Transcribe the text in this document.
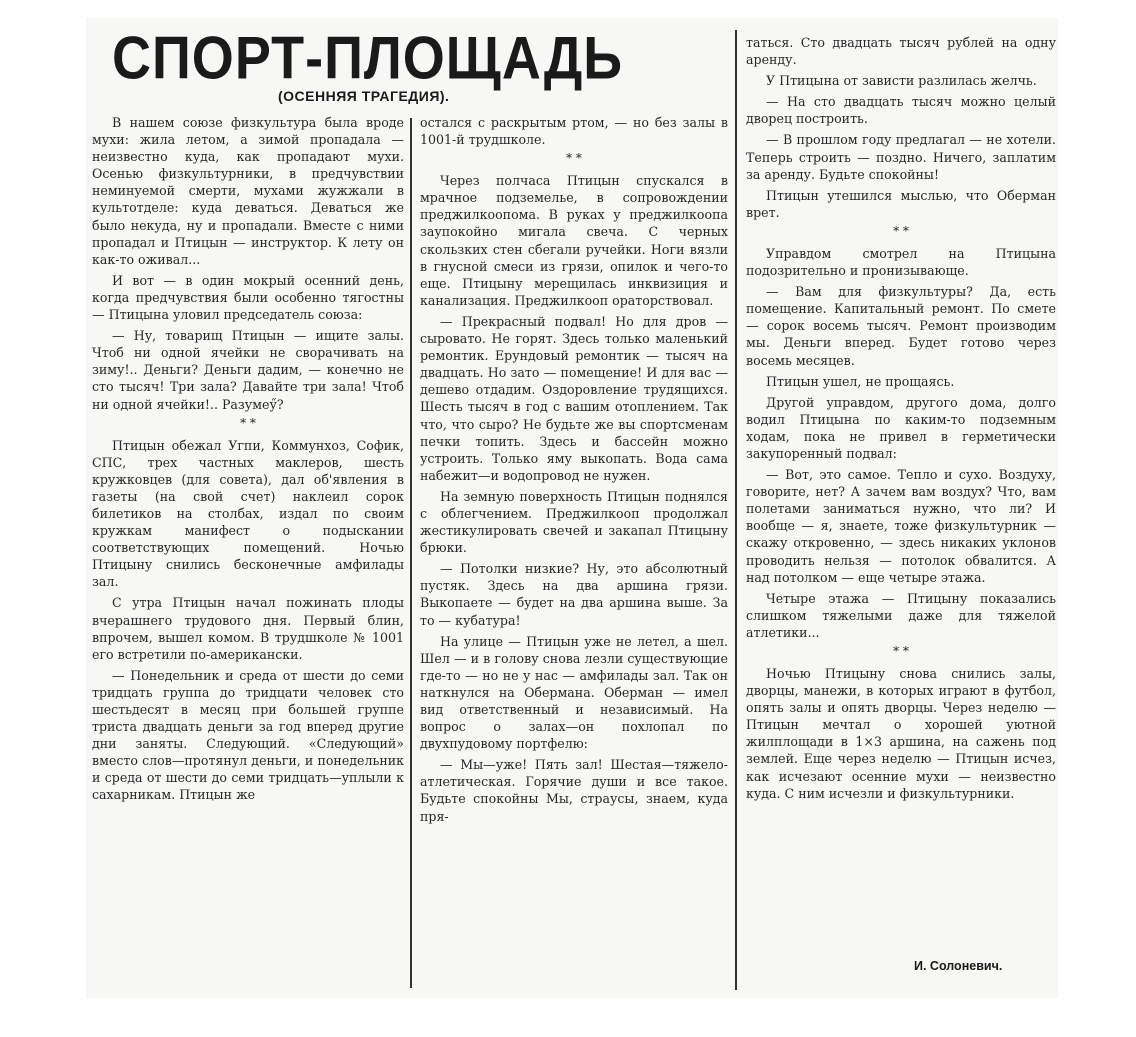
СПОРТ-ПЛОЩАДЬ
(ОСЕННЯЯ ТРАГЕДИЯ).

В нашем союзе физкультура была вроде мухи: жила летом, а зимой пропадала — неизвестно куда, как пропадают мухи. Осенью физкультурники, в предчувствии неминуемой смерти, мухами жужжали в культотделе: куда деваться. Деваться же было некуда, ну и пропадали. Вместе с ними пропадал и Птицын — инструктор. К лету он как-то оживал...

И вот — в один мокрый осенний день, когда предчувствия были особенно тягостны — Птицына уловил председатель союза:

— Ну, товарищ Птицын — ищите залы. Чтоб ни одной ячейки не сворачивать на зиму!.. Деньги? Деньги дадим, — конечно не сто тысяч! Три зала? Давайте три зала! Чтоб ни одной ячейки!.. Разумеӳ?

* *

Птицын обежал Угпи, Коммунхоз, Софик, СПС, трех частных маклеров, шесть кружковцев (для совета), дал об'явления в газеты (на свой счет) наклеил сорок билетиков на столбах, издал по своим кружкам манифест о подыскании соответствующих помещений. Ночью Птицыну снились бесконечные амфилады зал.

С утра Птицын начал пожинать плоды вчерашнего трудового дня. Первый блин, впрочем, вышел комом. В трудшколе № 1001 его встретили по-американски.

— Понедельник и среда от шести до семи тридцать группа до тридцати человек сто шестьдесят в месяц при большей группе триста двадцать деньги за год вперед другие дни заняты. Следующий. «Следующий» вместо слов—протянул деньги, и понедельник и среда от шести до семи тридцать—уплыли к сахарникам. Птицын же

остался с раскрытым ртом, — но без залы в 1001-й трудшколе.

* *

Через полчаса Птицын спускался в мрачное подземелье, в сопровождении преджилкоопома. В руках у преджилкоопа заупокойно мигала свеча. С черных скользких стен сбегали ручейки. Ноги вязли в гнусной смеси из грязи, опилок и чего-то еще. Птицыну мерещилась инквизиция и канализация. Преджилкооп ораторствовал.

— Прекрасный подвал! Но для дров — сыровато. Не горят. Здесь только маленький ремонтик. Ерундовый ремонтик — тысяч на двадцать. Но зато — помещение! И для вас — дешево отдадим. Оздоровление трудящихся. Шесть тысяч в год с вашим отоплением. Так что, что сыро? Не будьте же вы спортсменам печки топить. Здесь и бассейн можно устроить. Только яму выкопать. Вода сама набежит—и водопровод не нужен.

На земную поверхность Птицын поднялся с облегчением. Преджилкооп продолжал жестикулировать свечей и закапал Птицыну брюки.

— Потолки низкие? Ну, это абсолютный пустяк. Здесь на два аршина грязи. Выкопаете — будет на два аршина выше. За то — кубатура!

На улице — Птицын уже не летел, а шел. Шел — и в голову снова лезли существующие где-то — но не у нас — амфилады зал. Так он наткнулся на Обермана. Оберман — имел вид ответственный и независимый. На вопрос о залах—он похлопал по двухпудовому портфелю:

— Мы—уже! Пять зал! Шестая—тяжело-атлетическая. Горячие души и все такое. Будьте спокойны Мы, страусы, знаем, куда пря-

таться. Сто двадцать тысяч рублей на одну аренду.

У Птицына от зависти разлилась желчь.

— На сто двадцать тысяч можно целый дворец построить.

— В прошлом году предлагал — не хотели. Теперь строить — поздно. Ничего, заплатим за аренду. Будьте спокойны!

Птицын утешился мыслью, что Оберман врет.

* *

Управдом смотрел на Птицына подозрительно и пронизывающе.

— Вам для физкультуры? Да, есть помещение. Капитальный ремонт. По смете — сорок восемь тысяч. Ремонт производим мы. Деньги вперед. Будет готово через восемь месяцев.

Птицын ушел, не прощаясь.

Другой управдом, другого дома, долго водил Птицына по каким-то подземным ходам, пока не привел в герметически закупоренный подвал:

— Вот, это самое. Тепло и сухо. Воздуху, говорите, нет? А зачем вам воздух? Что, вам полетами заниматься нужно, что ли? И вообще — я, знаете, тоже физкультурник — скажу откровенно, — здесь никаких уклонов проводить нельзя — потолок обвалится. А над потолком — еще четыре этажа.

Четыре этажа — Птицыну показались слишком тяжелыми даже для тяжелой атлетики...

* *

Ночью Птицыну снова снились залы, дворцы, манежи, в которых играют в футбол, опять залы и опять дворцы. Через неделю — Птицын мечтал о хорошей уютной жилплощади в 1×3 аршина, на сажень под землей. Еще через неделю — Птицын исчез, как исчезают осенние мухи — неизвестно куда. С ним исчезли и физкультурники.

И. Солоневич.
